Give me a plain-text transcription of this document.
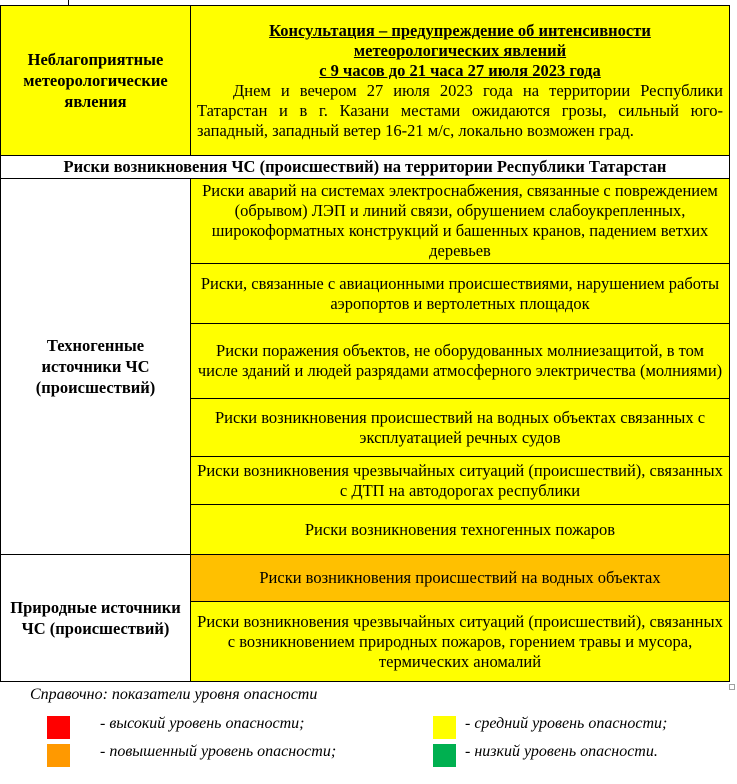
Неблагоприятные метеорологические явления	Консультация – предупреждение об интенсивности
метеорологических явлений
с 9 часов до 21 часа 27 июля 2023 года
Днем и вечером 27 июля 2023 года на территории Республики Татарстан и в г. Казани местами ожидаются грозы, сильный юго-западный, западный ветер 16-21 м/с, локально возможен град.

Риски возникновения ЧС (происшествий) на территории Республики Татарстан	
Техногенные источники ЧС (происшествий)	Риски аварий на системах электроснабжения, связанные с повреждением (обрывом) ЛЭП и линий связи, обрушением слабоукрепленных, широкоформатных конструкций и башенных кранов, падением ветхих деревьев
	Риски, связанные с авиационными происшествиями, нарушением работы аэропортов и вертолетных площадок
	Риски поражения объектов, не оборудованных молниезащитой, в том числе зданий и людей разрядами атмосферного электричества (молниями)
	Риски возникновения происшествий на водных объектах связанных с эксплуатацией речных судов
	Риски возникновения чрезвычайных ситуаций (происшествий), связанных с ДТП на автодорогах республики
	Риски возникновения техногенных пожаров
Природные источники ЧС (происшествий)	Риски возникновения происшествий на водных объектах
	Риски возникновения чрезвычайных ситуаций (происшествий), связанных с возникновением природных пожаров, горением травы и мусора, термических аномалий
Справочно: показатели уровня опасности
- высокий уровень опасности;
- повышенный уровень опасности;
- средний уровень опасности;
- низкий уровень опасности.
